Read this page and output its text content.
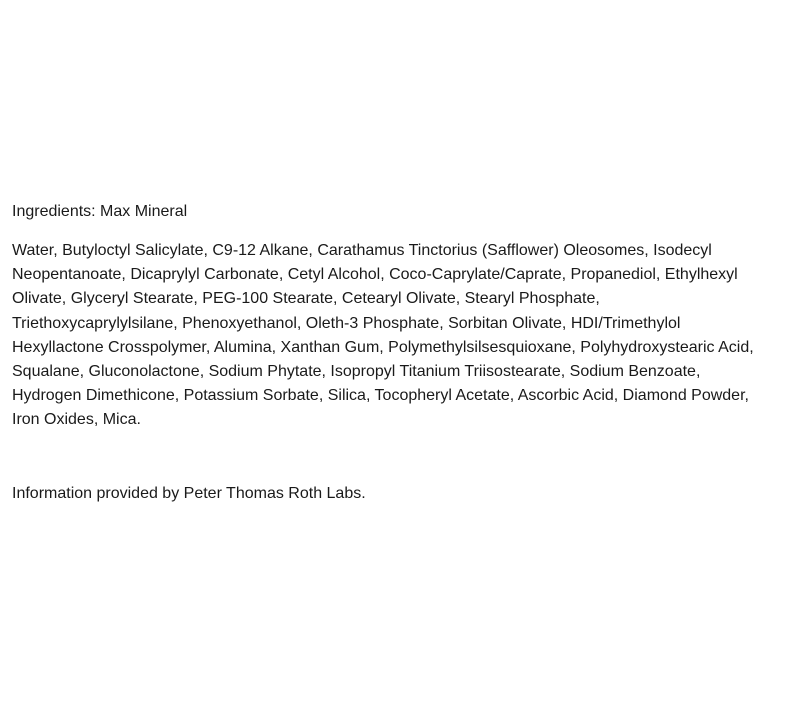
Ingredients: Max Mineral

Water, Butyloctyl Salicylate, C9-12 Alkane, Carathamus Tinctorius (Safflower) Oleosomes, Isodecyl
Neopentanoate, Dicaprylyl Carbonate, Cetyl Alcohol, Coco-Caprylate/Caprate, Propanediol, Ethylhexyl
Olivate, Glyceryl Stearate, PEG-100 Stearate, Cetearyl Olivate, Stearyl Phosphate,
Triethoxycaprylylsilane, Phenoxyethanol, Oleth-3 Phosphate, Sorbitan Olivate, HDI/Trimethylol
Hexyllactone Crosspolymer, Alumina, Xanthan Gum, Polymethylsilsesquioxane, Polyhydroxystearic Acid,
Squalane, Gluconolactone, Sodium Phytate, Isopropyl Titanium Triisostearate, Sodium Benzoate,
Hydrogen Dimethicone, Potassium Sorbate, Silica, Tocopheryl Acetate, Ascorbic Acid, Diamond Powder,
Iron Oxides, Mica.

Information provided by Peter Thomas Roth Labs.
